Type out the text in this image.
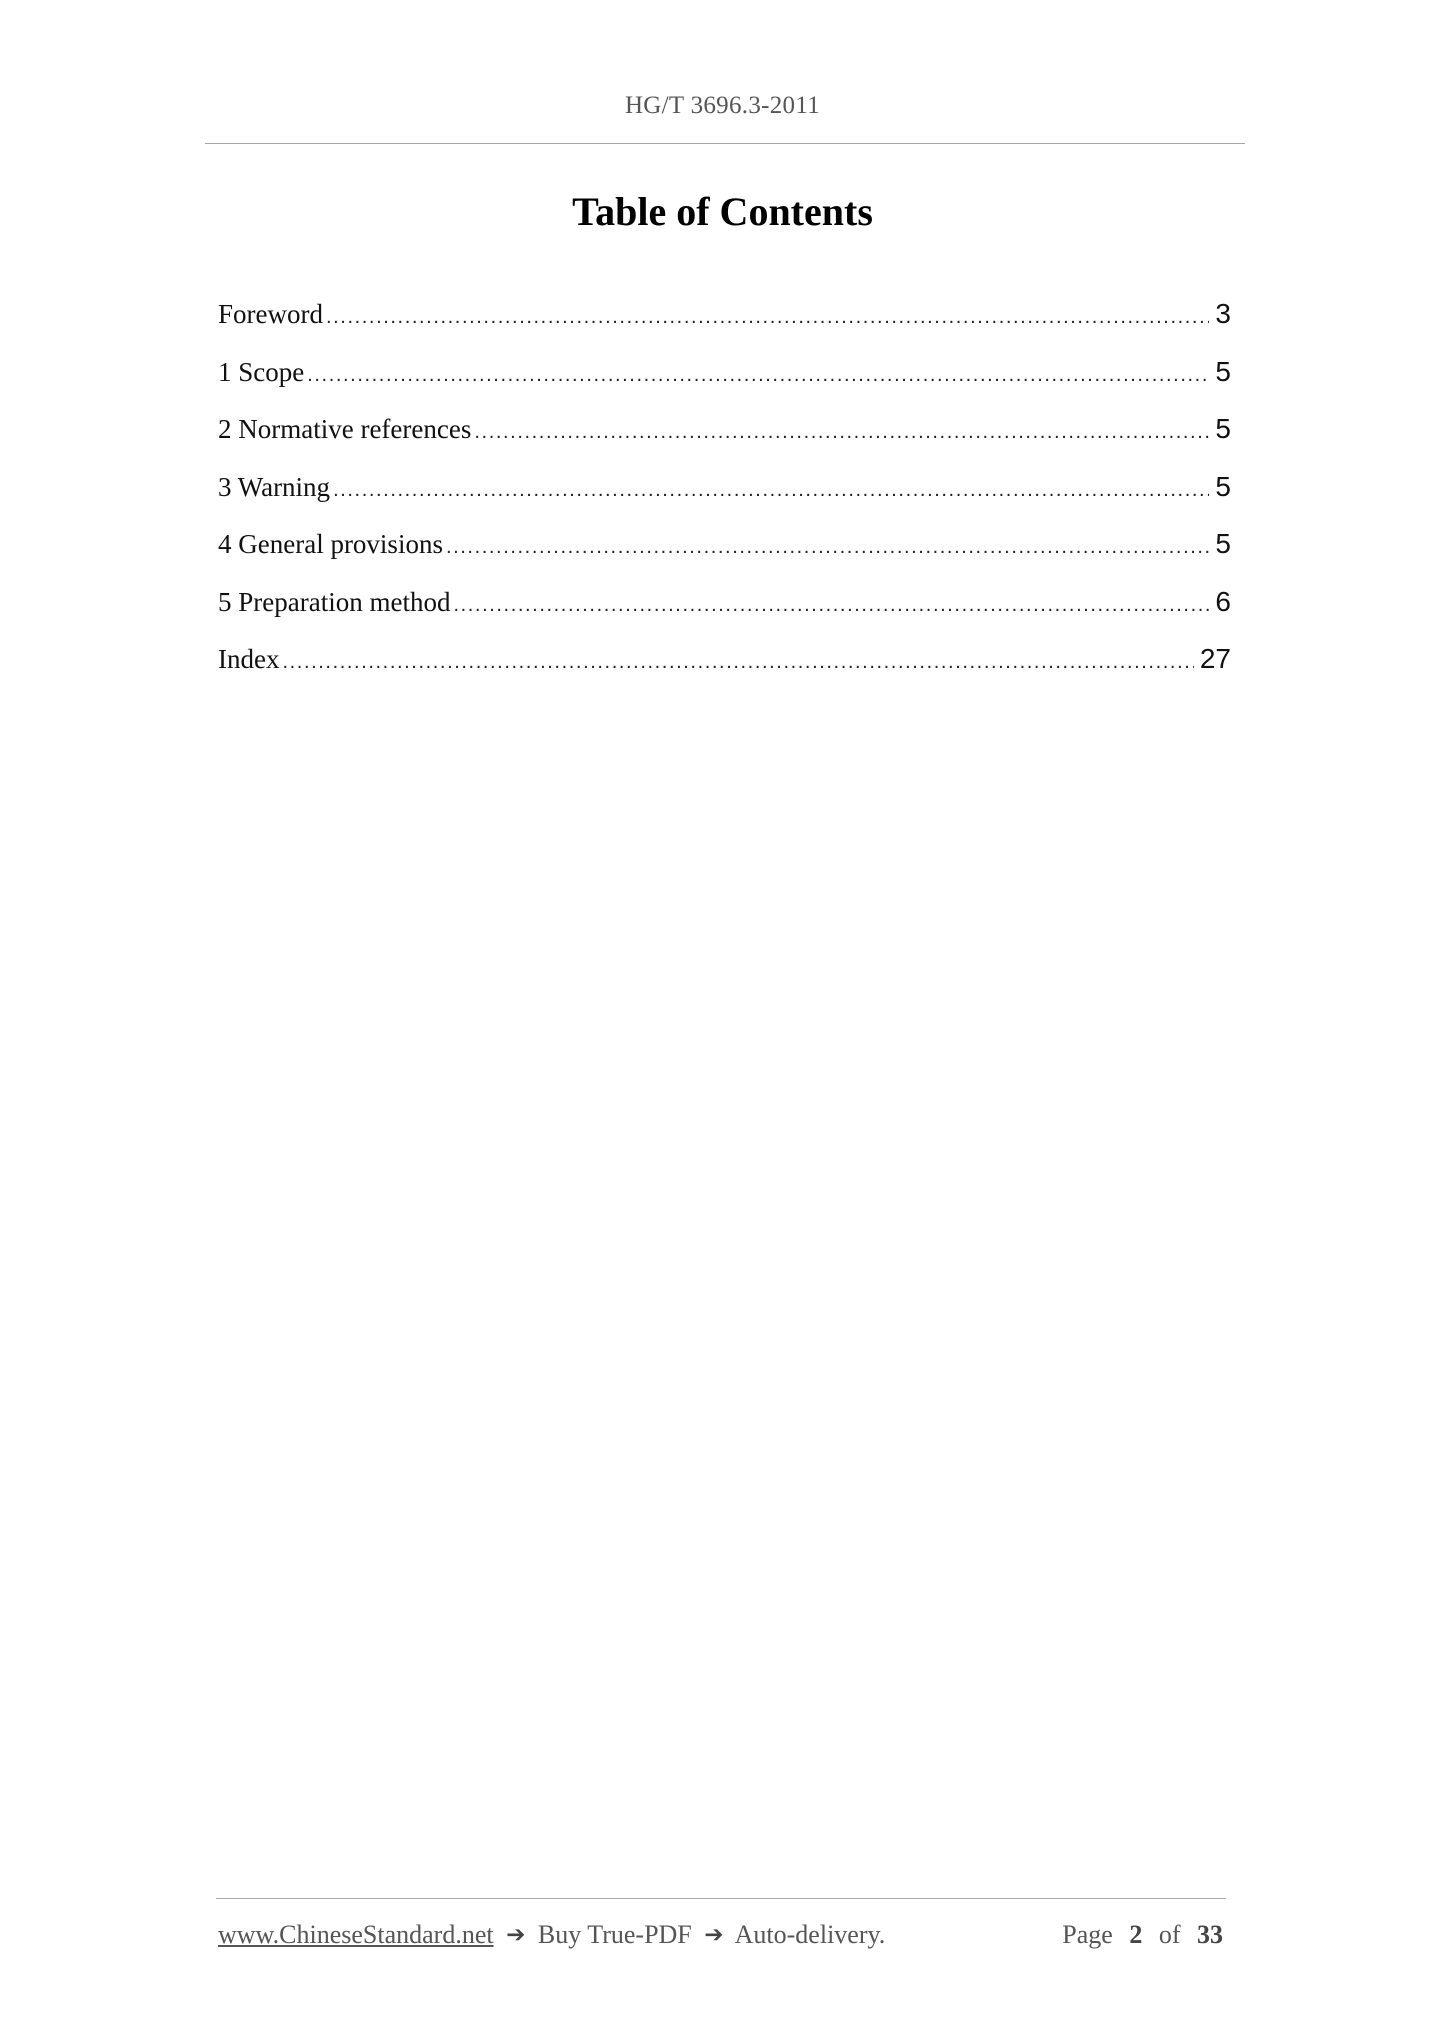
HG/T 3696.3-2011
Table of Contents
Foreword .....	3
1 Scope .....	5
2 Normative references .....	5
3 Warning .....	5
4 General provisions .....	5
5 Preparation method .....	6
Index .....	27
www.ChineseStandard.net ➔ Buy True-PDF ➔ Auto-delivery.	Page 2 of 33
